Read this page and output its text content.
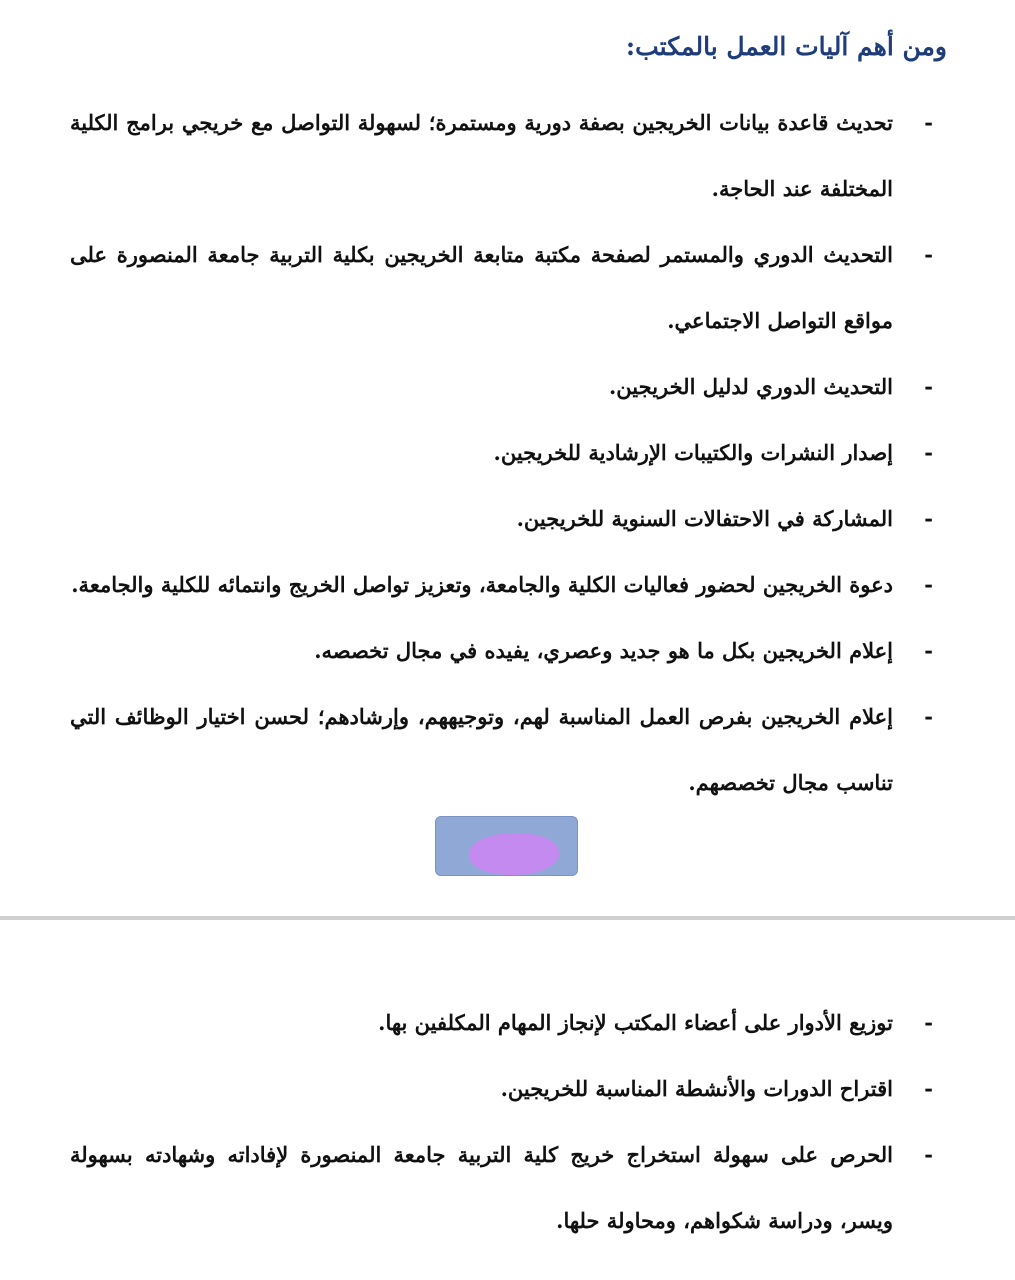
ومن أهم آليات العمل بالمكتب:
-
تحديث قاعدة بيانات الخريجين بصفة دورية ومستمرة؛ لسهولة التواصل مع خريجي برامج الكلية المختلفة عند الحاجة.
-
التحديث الدوري والمستمر لصفحة مكتبة متابعة الخريجين بكلية التربية جامعة المنصورة على مواقع التواصل الاجتماعي.
-
التحديث الدوري لدليل الخريجين.
-
إصدار النشرات والكتيبات الإرشادية للخريجين.
-
المشاركة في الاحتفالات السنوية للخريجين.
-
دعوة الخريجين لحضور فعاليات الكلية والجامعة، وتعزيز تواصل الخريج وانتمائه للكلية والجامعة.
-
إعلام الخريجين بكل ما هو جديد وعصري، يفيده في مجال تخصصه.
-
إعلام الخريجين بفرص العمل المناسبة لهم، وتوجيههم، وإرشادهم؛ لحسن اختيار الوظائف التي تناسب مجال تخصصهم.
-
توزيع الأدوار على أعضاء المكتب لإنجاز المهام المكلفين بها.
-
اقتراح الدورات والأنشطة المناسبة للخريجين.
-
الحرص على سهولة استخراج خريج كلية التربية جامعة المنصورة لإفاداته وشهادته بسهولة ويسر، ودراسة شكواهم، ومحاولة حلها.
